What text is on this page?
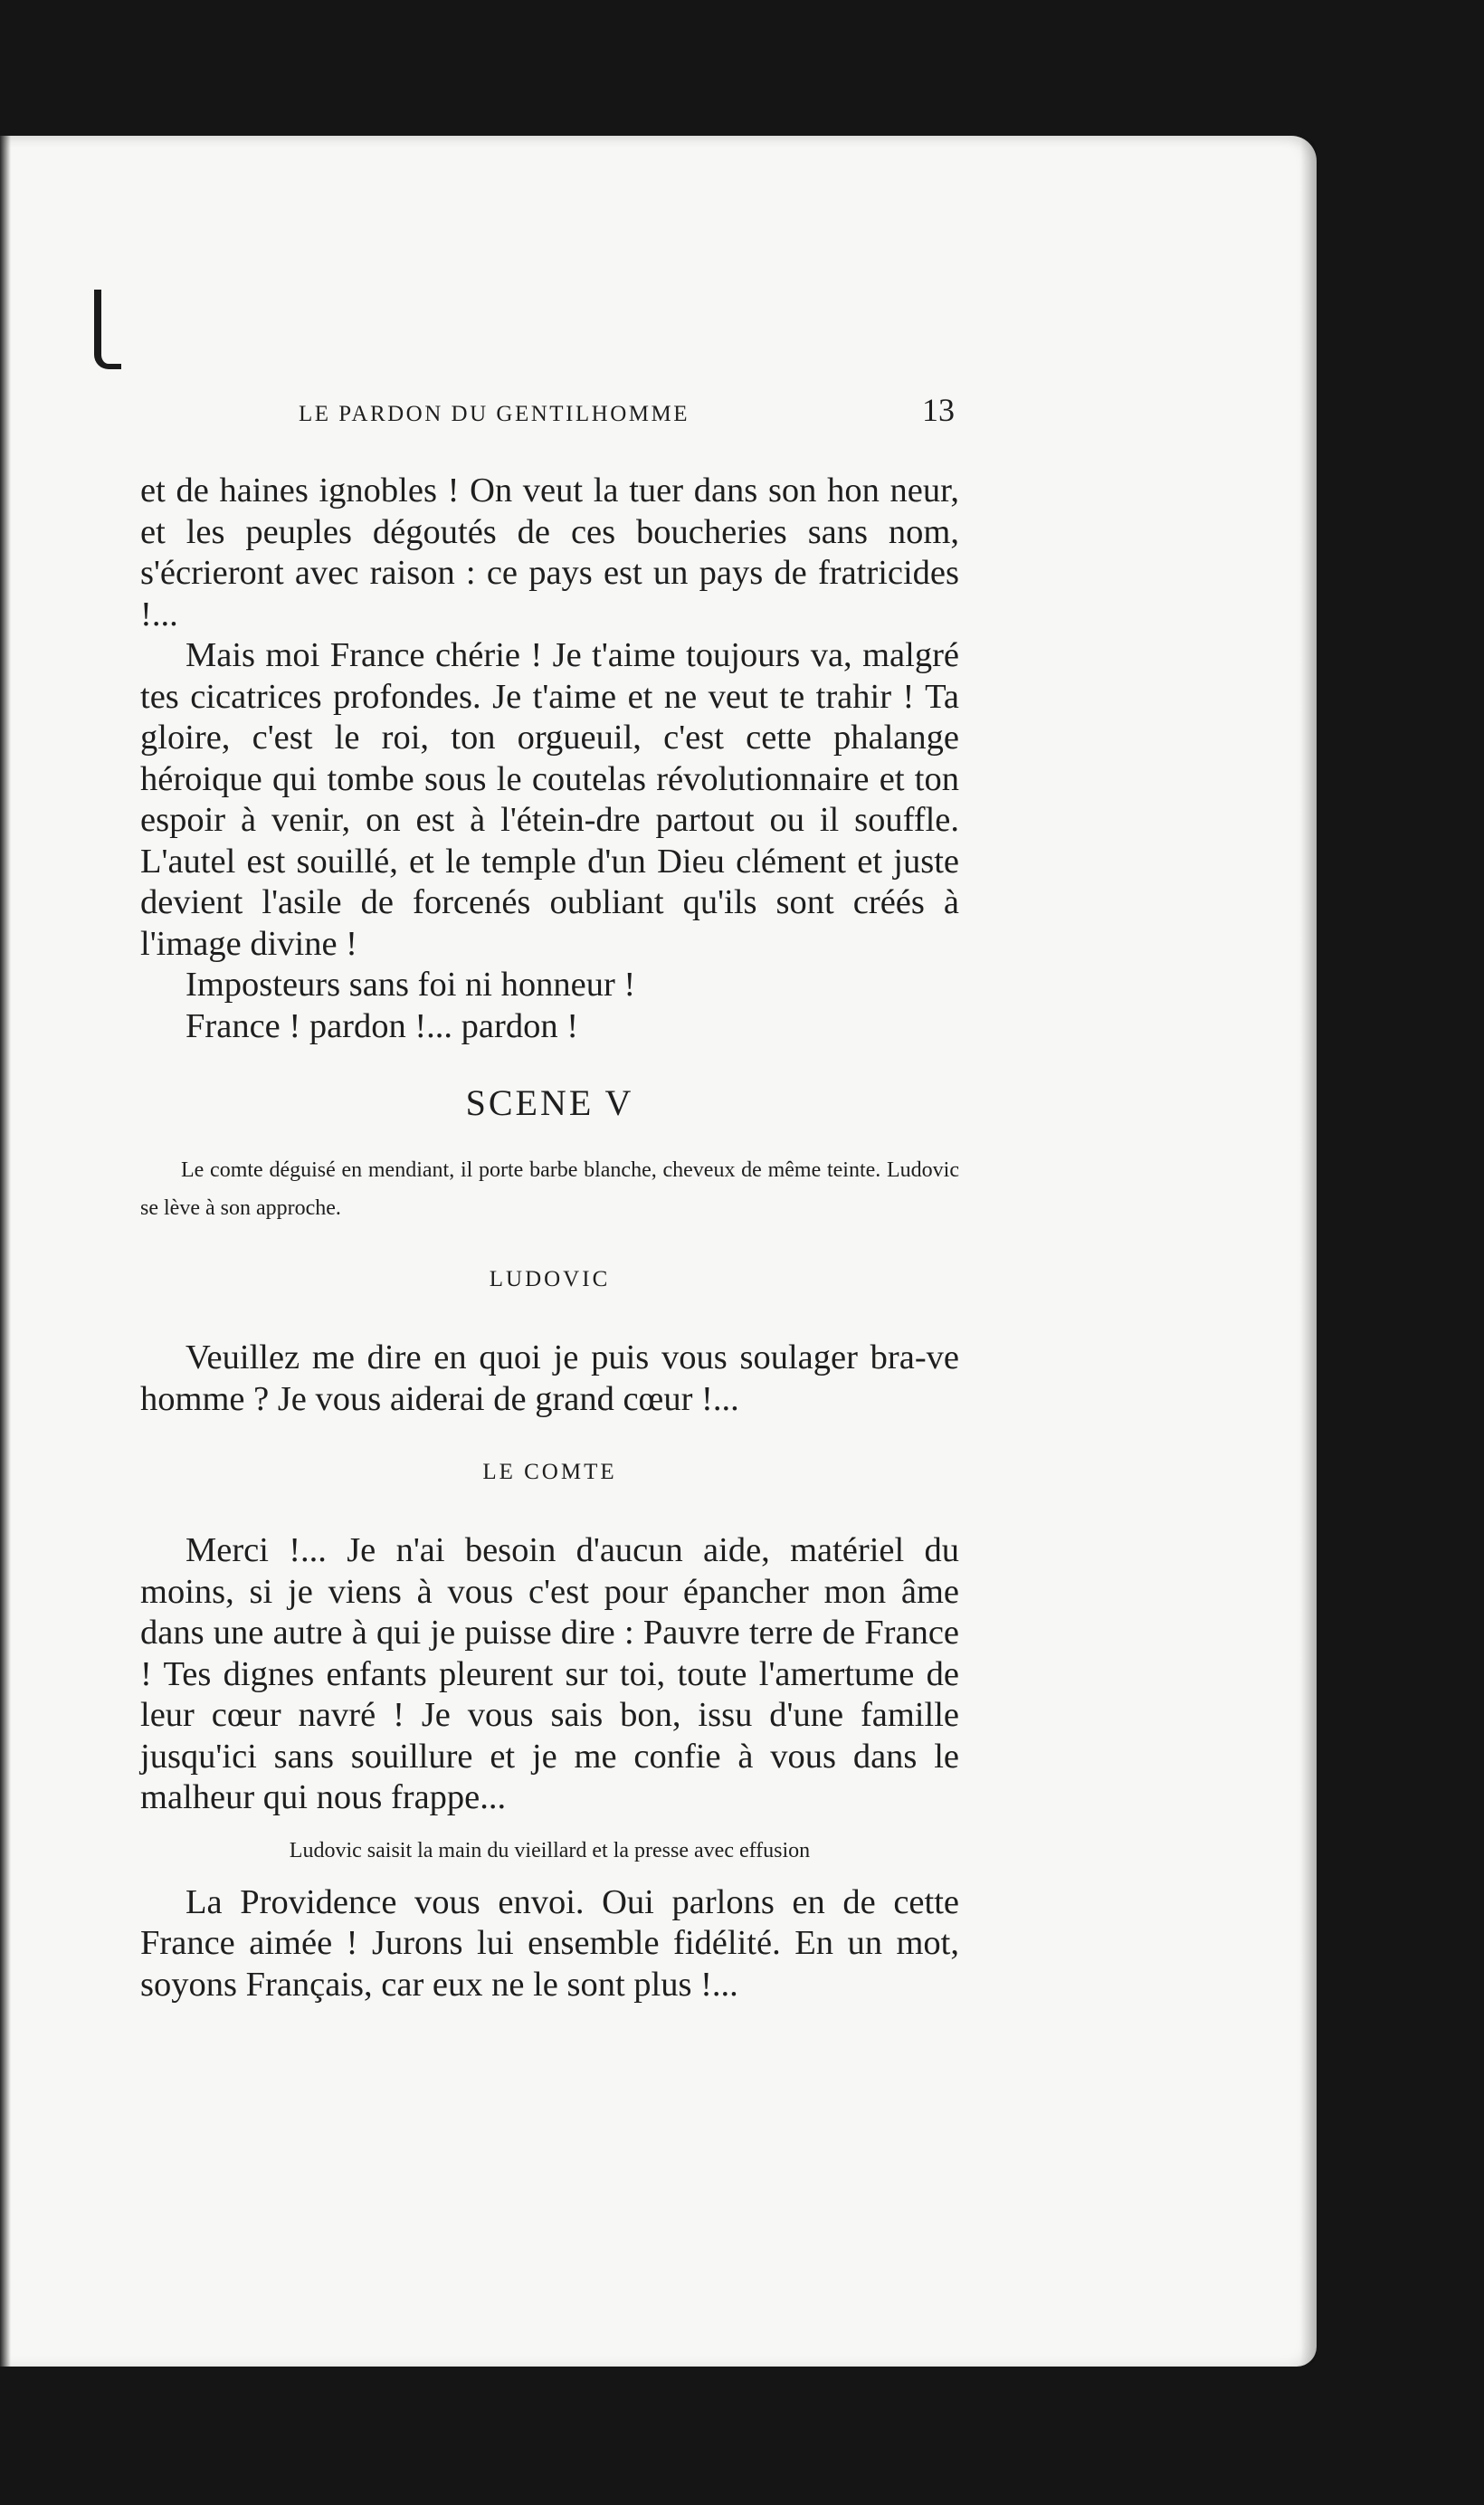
LE PARDON DU GENTILHOMME	13

et de haines ignobles ! On veut la tuer dans son hon neur, et les peuples dégoutés de ces boucheries sans nom, s'écrieront avec raison : ce pays est un pays de fratricides !...

Mais moi France chérie ! Je t'aime toujours va, malgré tes cicatrices profondes. Je t'aime et ne veut te trahir ! Ta gloire, c'est le roi, ton orgueuil, c'est cette phalange héroique qui tombe sous le coutelas révolutionnaire et ton espoir à venir, on est à l'étein-dre partout ou il souffle. L'autel est souillé, et le temple d'un Dieu clément et juste devient l'asile de forcenés oubliant qu'ils sont créés à l'image divine !

Imposteurs sans foi ni honneur !

France ! pardon !... pardon !

SCENE V

Le comte déguisé en mendiant, il porte barbe blanche, cheveux de même teinte. Ludovic se lève à son approche.

LUDOVIC

Veuillez me dire en quoi je puis vous soulager bra-ve homme ? Je vous aiderai de grand cœur !...

LE COMTE

Merci !... Je n'ai besoin d'aucun aide, matériel du moins, si je viens à vous c'est pour épancher mon âme dans une autre à qui je puisse dire : Pauvre terre de France ! Tes dignes enfants pleurent sur toi, toute l'amertume de leur cœur navré ! Je vous sais bon, issu d'une famille jusqu'ici sans souillure et je me confie à vous dans le malheur qui nous frappe...

Ludovic saisit la main du vieillard et la presse avec effusion

La Providence vous envoi. Oui parlons en de cette France aimée ! Jurons lui ensemble fidélité. En un mot, soyons Français, car eux ne le sont plus !...
